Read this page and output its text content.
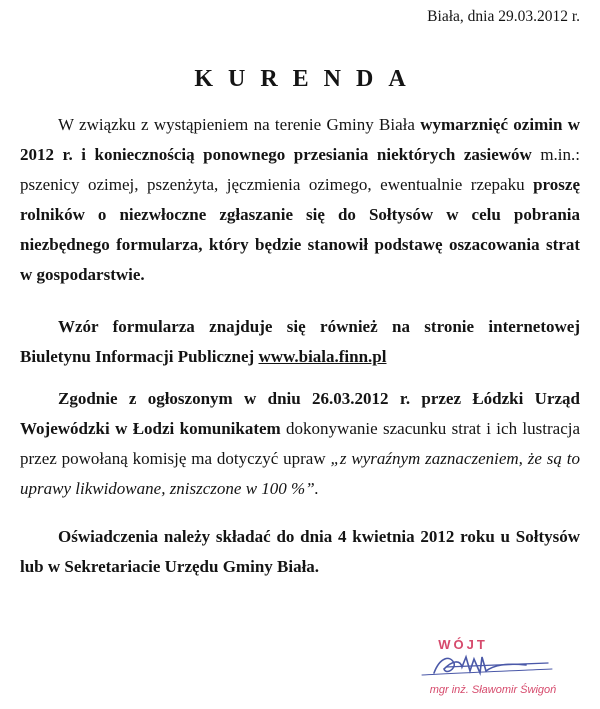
Biała, dnia 29.03.2012 r.
KURENDA

W związku z wystąpieniem na terenie Gminy Biała wymarznięć ozimin w 2012 r. i koniecznością ponownego przesiania niektórych zasiewów m.in.: pszenicy ozimej, pszenżyta, jęczmienia ozimego, ewentualnie rzepaku proszę rolników o niezwłoczne zgłaszanie się do Sołtysów w celu pobrania niezbędnego formularza, który będzie stanowił podstawę oszacowania strat w gospodarstwie.

Wzór formularza znajduje się również na stronie internetowej Biuletynu Informacji Publicznej www.biala.finn.pl

Zgodnie z ogłoszonym w dniu 26.03.2012 r. przez Łódzki Urząd Wojewódzki w Łodzi komunikatem dokonywanie szacunku strat i ich lustracja przez powołaną komisję ma dotyczyć upraw „z wyraźnym zaznaczeniem, że są to uprawy likwidowane, zniszczone w 100 %”.

Oświadczenia należy składać do dnia 4 kwietnia 2012 roku u Sołtysów lub w Sekretariacie Urzędu Gminy Biała.

WÓJT
mgr inż. Sławomir Świgoń
